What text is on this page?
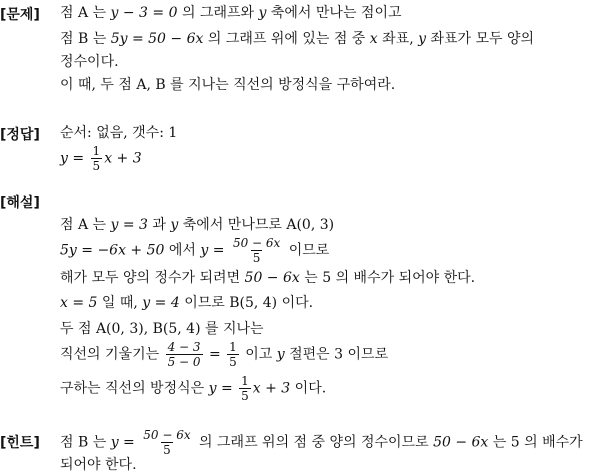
[문제]
[정답]
[해설]
[힌트]
점 A 는 y − 3 = 0 의 그래프와 y 축에서 만나는 점이고
점 B 는 5y = 50 − 6x 의 그래프 위에 있는 점 중 x 좌표, y 좌표가 모두 양의
정수이다.
이 때, 두 점 A, B 를 지나는 직선의 방정식을 구하여라.
순서: 없음, 갯수: 1
$y = \frac{1}{5}$ x + 3
점 A 는 y = 3 과 y 축에서 만나므로 A(0, 3)
5y = −6x + 50 에서 $y = \frac{50 - 6x}{5}$ 이므로
해가 모두 양의 정수가 되려면 50 − 6x 는 5 의 배수가 되어야 한다.
x = 5 일 때, y = 4 이므로 B(5, 4) 이다.
두 점 A(0, 3), B(5, 4) 를 지나는
직선의 기울기는 $\frac{4 - 3}{5 - 0} = \frac{1}{5}$ 이고 y 절편은 3 이므로
구하는 직선의 방정식은 $y = \frac{1}{5}$ x + 3 이다.
점 B 는 $y = \frac{50 - 6x}{5}$ 의 그래프 위의 점 중 양의 정수이므로 50 − 6x 는 5 의 배수가
되어야 한다.
